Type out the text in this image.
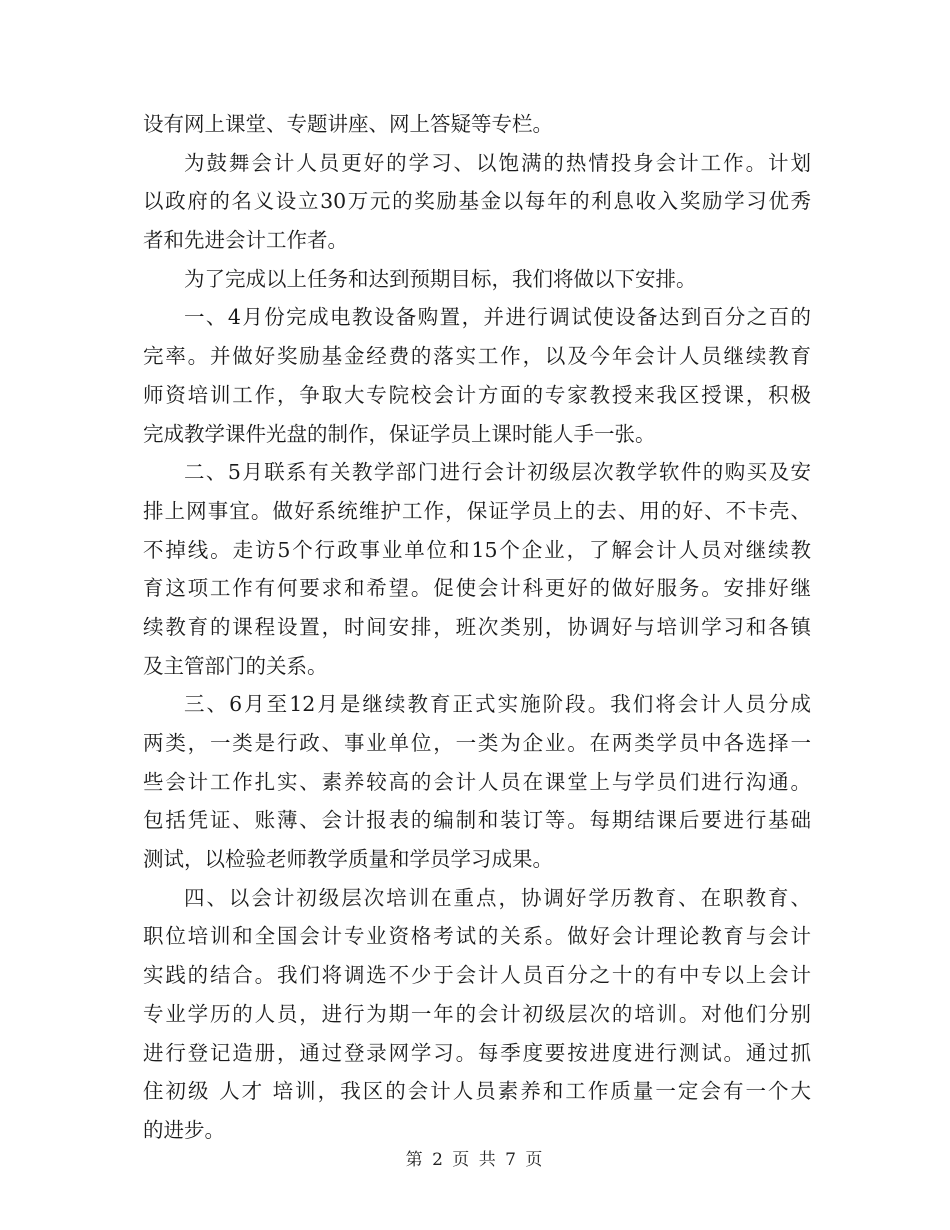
设有网上课堂、专题讲座、网上答疑等专栏。
为鼓舞会计人员更好的学习、以饱满的热情投身会计工作。计划
以政府的名义设立30万元的奖励基金以每年的利息收入奖励学习优秀
者和先进会计工作者。
为了完成以上任务和达到预期目标，我们将做以下安排。
一、4月份完成电教设备购置，并进行调试使设备达到百分之百的
完率。并做好奖励基金经费的落实工作，以及今年会计人员继续教育
师资培训工作，争取大专院校会计方面的专家教授来我区授课，积极
完成教学课件光盘的制作，保证学员上课时能人手一张。
二、5月联系有关教学部门进行会计初级层次教学软件的购买及安
排上网事宜。做好系统维护工作，保证学员上的去、用的好、不卡壳、
不掉线。走访5个行政事业单位和15个企业，了解会计人员对继续教
育这项工作有何要求和希望。促使会计科更好的做好服务。安排好继
续教育的课程设置，时间安排，班次类别，协调好与培训学习和各镇
及主管部门的关系。
三、6月至12月是继续教育正式实施阶段。我们将会计人员分成
两类，一类是行政、事业单位，一类为企业。在两类学员中各选择一
些会计工作扎实、素养较高的会计人员在课堂上与学员们进行沟通。
包括凭证、账薄、会计报表的编制和装订等。每期结课后要进行基础
测试，以检验老师教学质量和学员学习成果。
四、以会计初级层次培训在重点，协调好学历教育、在职教育、
职位培训和全国会计专业资格考试的关系。做好会计理论教育与会计
实践的结合。我们将调选不少于会计人员百分之十的有中专以上会计
专业学历的人员，进行为期一年的会计初级层次的培训。对他们分别
进行登记造册，通过登录网学习。每季度要按进度进行测试。通过抓
住初级 人才 培训，我区的会计人员素养和工作质量一定会有一个大
的进步。
第 2 页 共 7 页
